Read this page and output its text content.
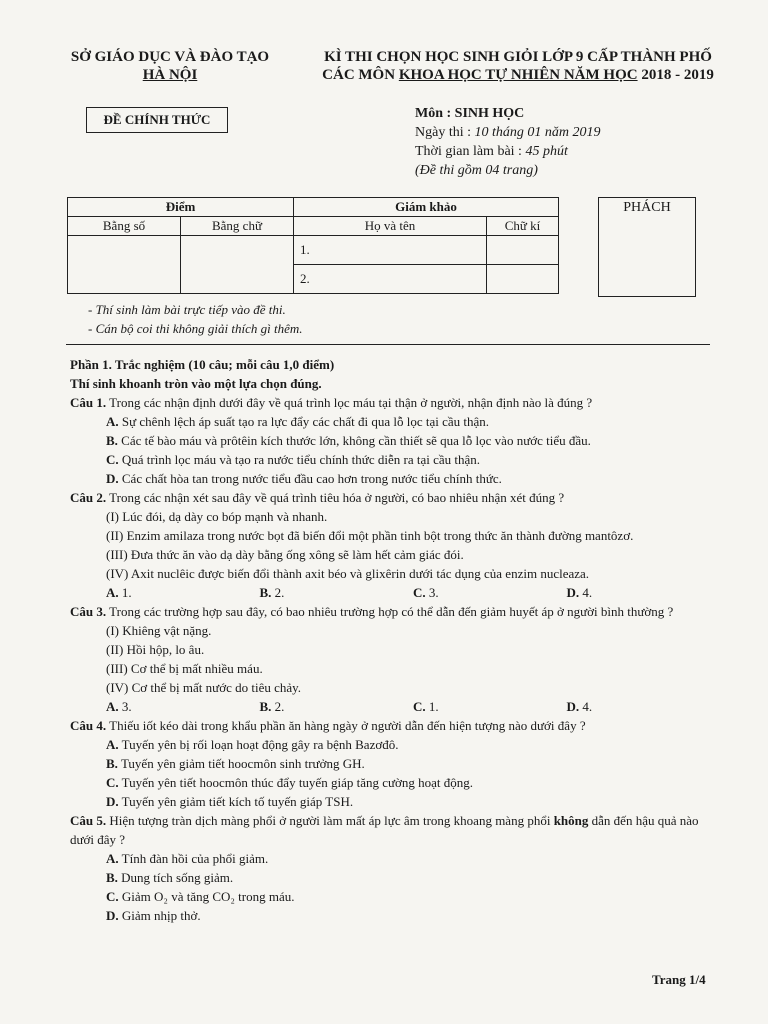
SỞ GIÁO DỤC VÀ ĐÀO TẠO
HÀ NỘI
KÌ THI CHỌN HỌC SINH GIỎI LỚP 9 CẤP THÀNH PHỐ
CÁC MÔN KHOA HỌC TỰ NHIÊN NĂM HỌC 2018 - 2019
ĐỀ CHÍNH THỨC	Môn : SINH HỌC
Ngày thi : 10 tháng 01 năm 2019
Thời gian làm bài : 45 phút
(Đề thi gồm 04 trang)
Điểm		Giám khảo	
Bằng số	Bằng chữ	Họ và tên	Chữ kí
		1.	
		2.	
PHÁCH
- Thí sinh làm bài trực tiếp vào đề thi.
- Cán bộ coi thi không giải thích gì thêm.
Phần 1. Trắc nghiệm (10 câu; mỗi câu 1,0 điểm)
Thí sinh khoanh tròn vào một lựa chọn đúng.
Câu 1. Trong các nhận định dưới đây về quá trình lọc máu tại thận ở người, nhận định nào là đúng ?
A. Sự chênh lệch áp suất tạo ra lực đẩy các chất đi qua lỗ lọc tại cầu thận.
B. Các tế bào máu và prôtêin kích thước lớn, không cần thiết sẽ qua lỗ lọc vào nước tiểu đầu.
C. Quá trình lọc máu và tạo ra nước tiểu chính thức diễn ra tại cầu thận.
D. Các chất hòa tan trong nước tiểu đầu cao hơn trong nước tiểu chính thức.
Câu 2. Trong các nhận xét sau đây về quá trình tiêu hóa ở người, có bao nhiêu nhận xét đúng ?
(I) Lúc đói, dạ dày co bóp mạnh và nhanh.
(II) Enzim amilaza trong nước bọt đã biến đổi một phần tinh bột trong thức ăn thành đường mantôzơ.
(III) Đưa thức ăn vào dạ dày bằng ống xông sẽ làm hết cảm giác đói.
(IV) Axit nuclêic được biến đổi thành axit béo và glixêrin dưới tác dụng của enzim nucleaza.
A. 1.	B. 2.	C. 3.	D. 4.
Câu 3. Trong các trường hợp sau đây, có bao nhiêu trường hợp có thể dẫn đến giảm huyết áp ở người bình thường ?
(I) Khiêng vật nặng.
(II) Hồi hộp, lo âu.
(III) Cơ thể bị mất nhiều máu.
(IV) Cơ thể bị mất nước do tiêu chảy.
A. 3.	B. 2.	C. 1.	D. 4.
Câu 4. Thiếu iốt kéo dài trong khẩu phần ăn hàng ngày ở người dẫn đến hiện tượng nào dưới đây ?
A. Tuyến yên bị rối loạn hoạt động gây ra bệnh Bazơđô.
B. Tuyến yên giảm tiết hoocmôn sinh trưởng GH.
C. Tuyến yên tiết hoocmôn thúc đẩy tuyến giáp tăng cường hoạt động.
D. Tuyến yên giảm tiết kích tố tuyến giáp TSH.
Câu 5. Hiện tượng tràn dịch màng phổi ở người làm mất áp lực âm trong khoang màng phổi không dẫn đến hậu quả nào dưới đây ?
A. Tính đàn hồi của phổi giảm.
B. Dung tích sống giảm.
C. Giảm O₂ và tăng CO₂ trong máu.
D. Giảm nhịp thở.
Trang 1/4
